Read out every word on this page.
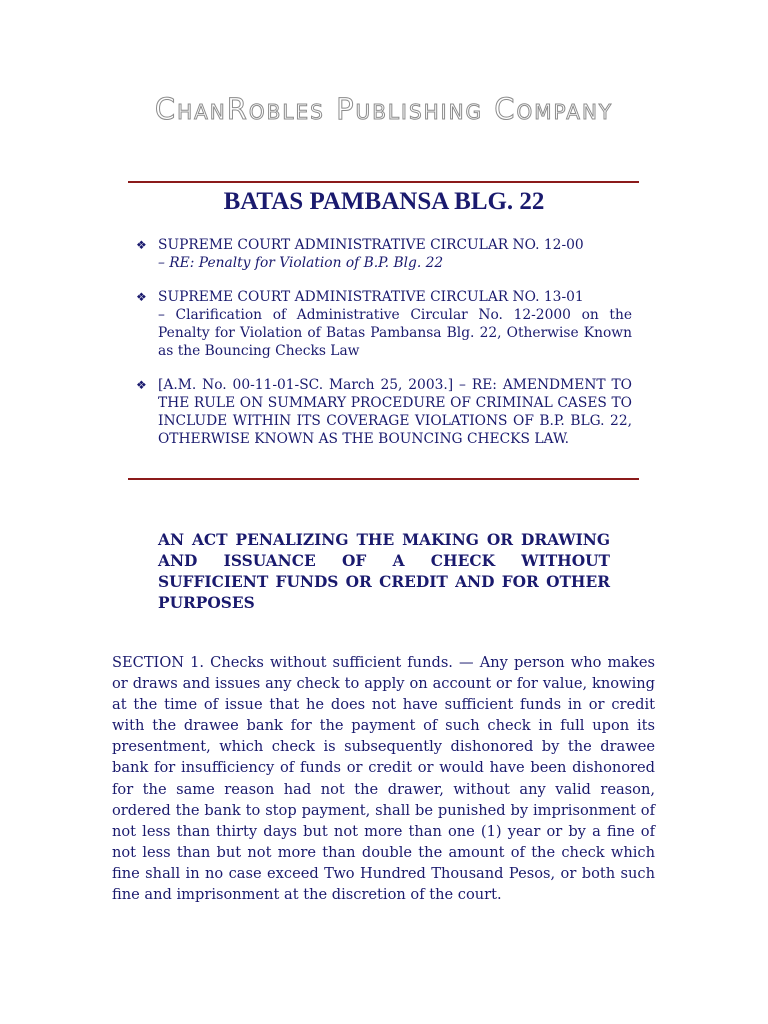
ChanRobles Publishing Company
BATAS PAMBANSA BLG. 22
❖ SUPREME COURT ADMINISTRATIVE CIRCULAR NO. 12-00
– RE: Penalty for Violation of B.P. Blg. 22
❖ SUPREME COURT ADMINISTRATIVE CIRCULAR NO. 13-01
– Clarification of Administrative Circular No. 12-2000 on the Penalty for Violation of Batas Pambansa Blg. 22, Otherwise Known as the Bouncing Checks Law
❖ [A.M. No. 00-11-01-SC. March 25, 2003.] – RE: AMENDMENT TO THE RULE ON SUMMARY PROCEDURE OF CRIMINAL CASES TO INCLUDE WITHIN ITS COVERAGE VIOLATIONS OF B.P. BLG. 22, OTHERWISE KNOWN AS THE BOUNCING CHECKS LAW.
AN ACT PENALIZING THE MAKING OR DRAWING AND ISSUANCE OF A CHECK WITHOUT SUFFICIENT FUNDS OR CREDIT AND FOR OTHER PURPOSES
SECTION 1. Checks without sufficient funds. — Any person who makes or draws and issues any check to apply on account or for value, knowing at the time of issue that he does not have sufficient funds in or credit with the drawee bank for the payment of such check in full upon its presentment, which check is subsequently dishonored by the drawee bank for insufficiency of funds or credit or would have been dishonored for the same reason had not the drawer, without any valid reason, ordered the bank to stop payment, shall be punished by imprisonment of not less than thirty days but not more than one (1) year or by a fine of not less than but not more than double the amount of the check which fine shall in no case exceed Two Hundred Thousand Pesos, or both such fine and imprisonment at the discretion of the court.
